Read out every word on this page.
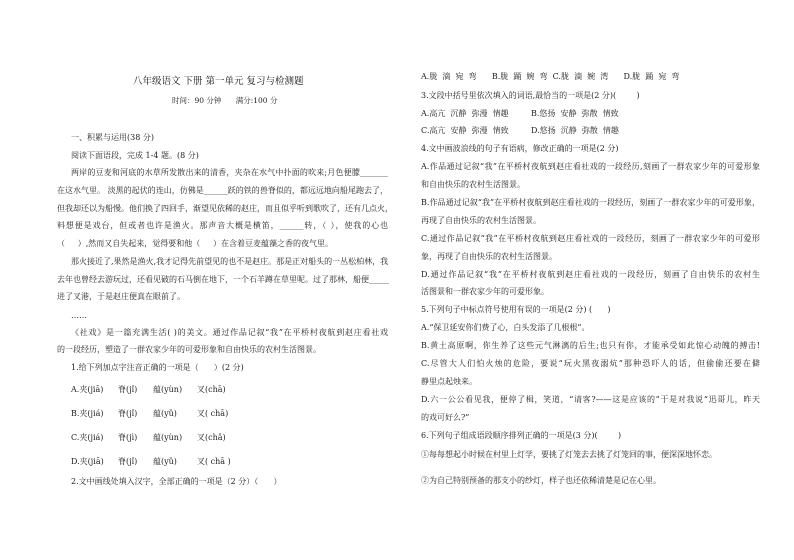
八年级语文 下册 第一单元 复习与检测题
时间：90 分钟      满分:100 分
一、积累与运用(38 分)
阅读下面语段，完成 1-4 题。(8 分)
两岸的豆麦和河底的水草所发散出来的清香，夹杂在水气中扑面的吹来;月色便朦_______
在这水气里。 淡黑的起伏的连山，仿佛是______跃的铁的兽脊似的，都远远地向船尾跑去了，
但我却还以为船慢。他们换了四回手，渐望见依稀的赵庄，而且似乎听到歌吹了，还有几点火，
料想便是戏台，但或者也许是渔火。那声音大概是横笛，______转，（ ），使我的心也
（     ）,然而又自失起来，觉得要和他（     ）在含着豆麦蕴藻之香的夜气里。
那火接近了,果然是渔火,我才记得先前望见的也不是赵庄。那是正对船头的一丛松柏林，我
去年也曾经去游玩过，还看见破的石马倒在地下，一个石羊蹲在草里呢。过了那林，船便_____
进了叉港，于是赵庄便真在眼前了。
……
《社戏》是一篇充满生活( )的美文。通过作品记叙“我”在平桥村夜航到赵庄看社戏
的一段经历，塑造了一群农家少年的可爱形象和自由快乐的农村生活图景。
1.给下列加点字注音正确的一项是（      ）(2 分)
A.夹(jiā) 脊(jǐ) 蕴(yùn) 叉(chā)
B.夹(jiá) 脊(jǐ) 蕴(yǔ)	叉( chā)
C.夹(jiá) 脊(jì) 蕴(yùn) 叉(chǎ)
D.夹(jiā) 脊(jǐ) 蕴(yǔ)	叉( chā )
2.文中画线处填入汉字，全部正确的一项是（2 分）（      ）
A.胧  滴  宛  弯      B.胧  踊  婉  弯  C.胧  滴  婉  湾      D.胧  踊  宛  弯
3.文段中括号里依次填入的词语,最恰当的一项是(2 分)(        )
A.高亢  沉静  弥漫  情趣	B.悠扬  安静  弥散  情致
C.高亢  安静  弥漫  情致	D.悠扬  沉静  弥散  情趣
4.文中画波浪线的句子有语病，修改正确的一项是(2 分)
A.作品通过记叙“我”在平桥村夜航到赵庄看社戏的一段经历,刻画了一群农家少年的可爱形象
和自由快乐的农村生活图景。
B.作品通过记叙“我”在平桥村夜航到赵庄看社戏的一段经历，刻画了一群农家少年的可爱形象，
再现了自由快乐的农村生活图景。
C.通过作品记叙“我”在平桥村夜航到赵庄看社戏的一段经历，刻画了一群农家少年的可爱形
象，再现了自由快乐的农村生活图景。
D.通过作品记叙“我”在平桥村夜航到赵庄看社戏的一段经历，刻画了自由快乐的农村生
活图景和一群农家少年的可爱形象。
5.下列句子中标点符号使用有误的一项是(2 分) (      )
A.“保卫延安你们费了心，白头发添了几根根”。
B.黄土高原啊，你生养了这些元气淋漓的后生;也只有你，才能承受如此惊心动魄的搏击!
C.尽管大人们怕火烛的危险，要说“玩火黑夜溺炕”那种恐吓人的话，但偷偷还要在僻
静里点起烛来。
D.六一公公看见我，便停了楫，笑道，“请客?——这是应该的”于是对我说“迅哥儿，昨天
的戏可好么?”
6.下列句子组成语段顺序排列正确的一项是(3 分)(        )
①每每想起小时候在村里上灯学，要挑了灯笼去去挑了灯笼回的事，便深深地怀恋。
②为自己特别预备的那支小的纱灯，样子也还依稀清楚是记在心里。
